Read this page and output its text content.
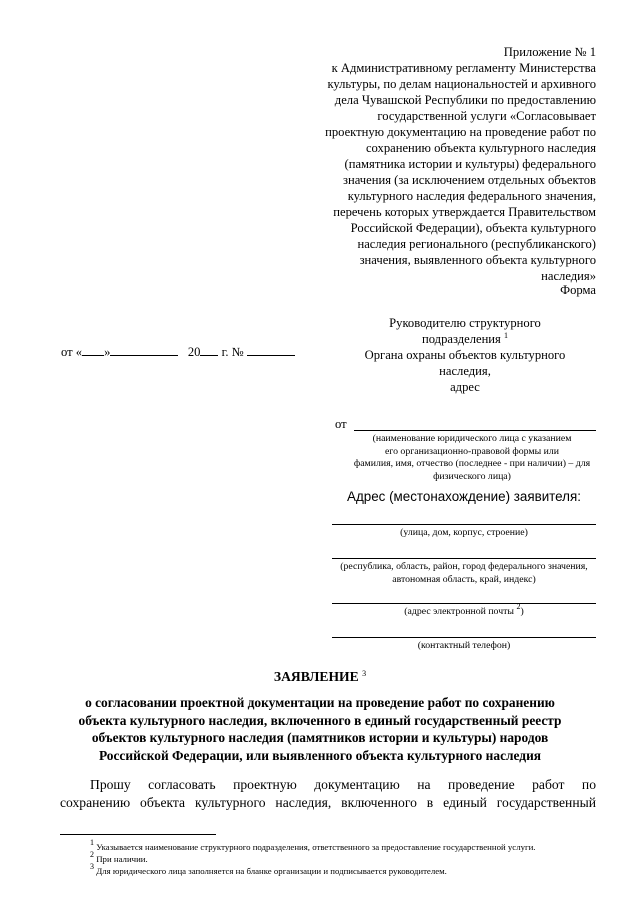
Приложение № 1
к Административному регламенту Министерства
культуры, по делам национальностей и архивного
дела Чувашской Республики по предоставлению
государственной услуги «Согласовывает
проектную документацию на проведение работ по
сохранению объекта культурного наследия
(памятника истории и культуры) федерального
значения (за исключением отдельных объектов
культурного наследия федерального значения,
перечень которых утверждается Правительством
Российской Федерации), объекта культурного
наследия регионального (республиканского)
значения, выявленного объекта культурного
наследия»
Форма
Руководителю структурного
подразделения $^1$
Органа охраны объектов культурного
наследия,
адрес
от « »	20 г. №
от
(наименование юридического лица с указанием
его организационно-правовой формы или
фамилия, имя, отчество (последнее - при наличии) – для
физического лица)
Адрес (местонахождение) заявителя:
(улица, дом, корпус, строение)
(республика, область, район, город федерального значения,
автономная область, край, индекс)
(адрес электронной почты $^2$)
(контактный телефон)
ЗАЯВЛЕНИЕ $^3$
о согласовании проектной документации на проведение работ по сохранению
объекта культурного наследия, включенного в единый государственный реестр
объектов культурного наследия (памятников истории и культуры) народов
Российской Федерации, или выявленного объекта культурного наследия
Прошу согласовать проектную документацию на проведение работ по
сохранению объекта культурного наследия, включенного в единый государственный
$^1$ Указывается наименование структурного подразделения, ответственного за предоставление государственной услуги.
$^2$ При наличии.
$^3$ Для юридического лица заполняется на бланке организации и подписывается руководителем.
